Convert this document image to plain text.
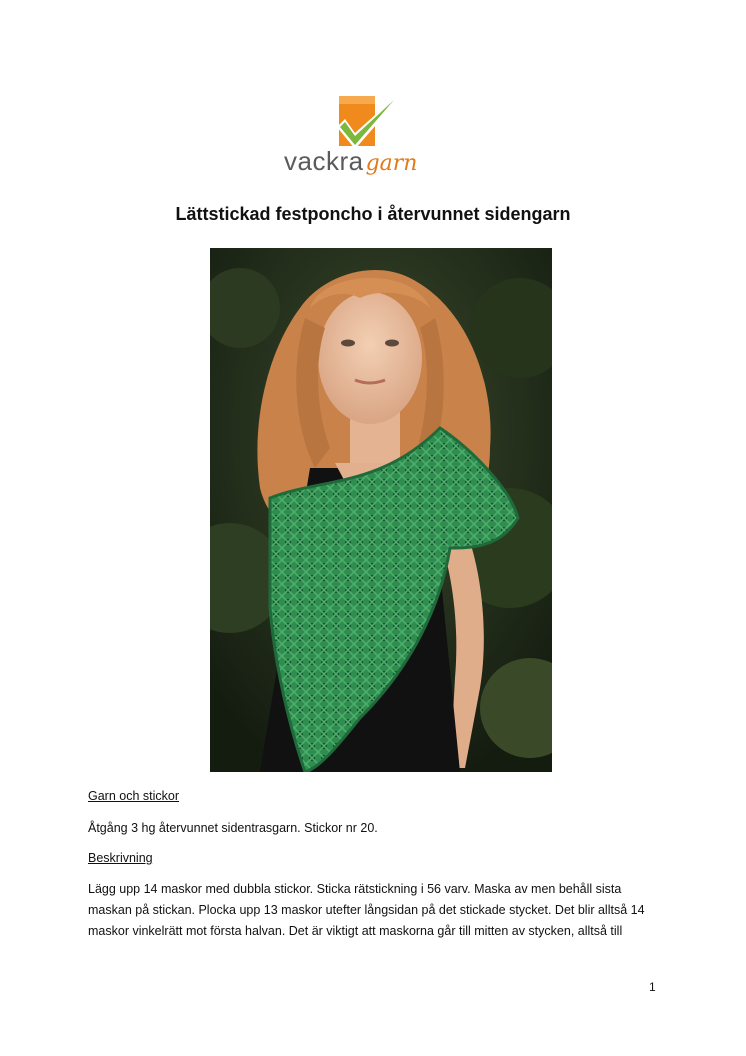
vackragarn
Lättstickad festponcho i återvunnet sidengarn
Garn och stickor
Åtgång 3 hg återvunnet sidentrasgarn. Stickor nr 20.
Beskrivning
Lägg upp 14 maskor med dubbla stickor. Sticka rätstickning i 56 varv. Maska av men behåll sista
maskan på stickan. Plocka upp 13 maskor utefter långsidan på det stickade stycket. Det blir alltså 14
maskor vinkelrätt mot första halvan. Det är viktigt att maskorna går till mitten av stycken, alltså till
1
